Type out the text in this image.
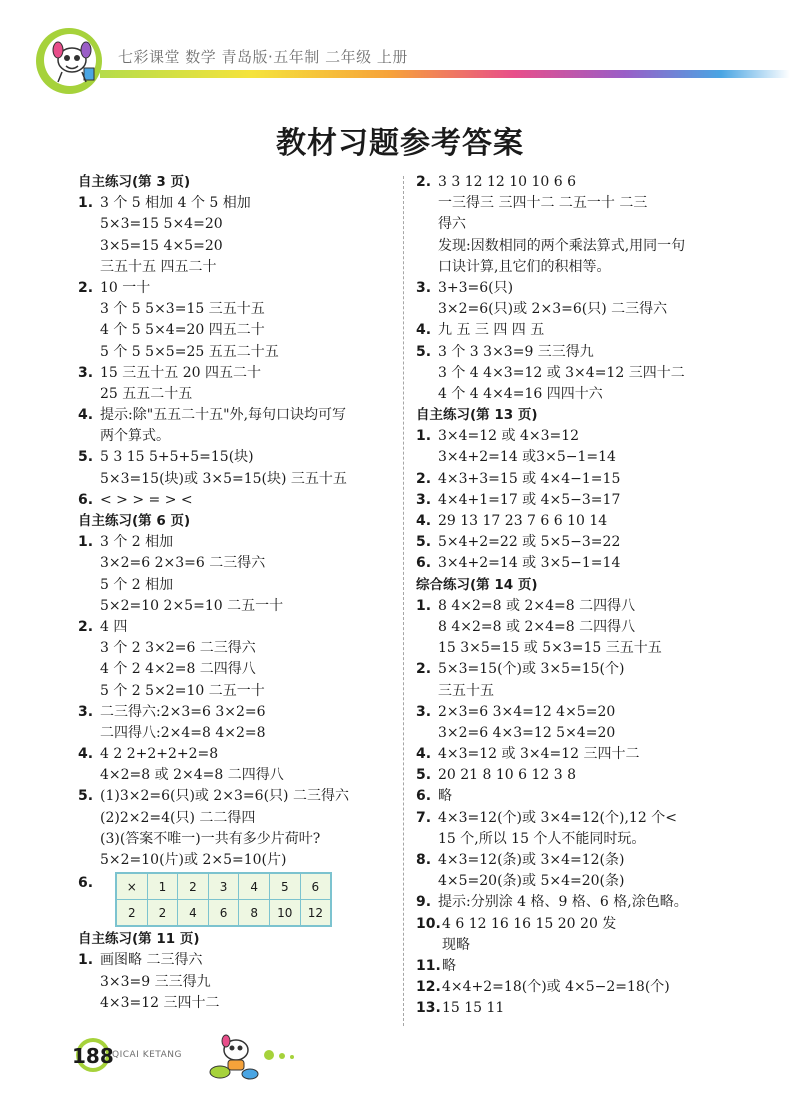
七彩课堂 数学 青岛版·五年制 二年级 上册
教材习题参考答案
自主练习(第 3 页)
1. 3 个 5 相加 4 个 5 相加
5×3=15 5×4=20
3×5=15 4×5=20
三五十五 四五二十
2. 10 一十
3 个 5 5×3=15 三五十五
4 个 5 5×4=20 四五二十
5 个 5 5×5=25 五五二十五
3. 15 三五十五 20 四五二十
25 五五二十五
4. 提示:除"五五二十五"外,每句口诀均可写
两个算式。
5. 5 3 15 5+5+5=15(块)
5×3=15(块)或 3×5=15(块) 三五十五
6. < > > = > <
自主练习(第 6 页)
1. 3 个 2 相加
3×2=6 2×3=6 二三得六
5 个 2 相加
5×2=10 2×5=10 二五一十
2. 4 四
3 个 2 3×2=6 二三得六
4 个 2 4×2=8 二四得八
5 个 2 5×2=10 二五一十
3. 二三得六:2×3=6 3×2=6
二四得八:2×4=8 4×2=8
4. 4 2 2+2+2+2=8
4×2=8 或 2×4=8 二四得八
5. (1)3×2=6(只)或 2×3=6(只) 二三得六
(2)2×2=4(只) 二二得四
(3)(答案不唯一)一共有多少片荷叶?
5×2=10(片)或 2×5=10(片)
6.	×	1	2	3	4	5	6
2	2	4	6	8	10	12
自主练习(第 11 页)
1. 画图略 二三得六
3×3=9 三三得九
4×3=12 三四十二
2. 3 3 12 12 10 10 6 6
一三得三 三四十二 二五一十 二三
得六
发现:因数相同的两个乘法算式,用同一句
口诀计算,且它们的积相等。
3. 3+3=6(只)
3×2=6(只)或 2×3=6(只) 二三得六
4. 九 五 三 四 四 五
5. 3 个 3 3×3=9 三三得九
3 个 4 4×3=12 或 3×4=12 三四十二
4 个 4 4×4=16 四四十六
自主练习(第 13 页)
1. 3×4=12 或 4×3=12
3×4+2=14 或3×5−1=14
2. 4×3+3=15 或 4×4−1=15
3. 4×4+1=17 或 4×5−3=17
4. 29 13 17 23 7 6 6 10 14
5. 5×4+2=22 或 5×5−3=22
6. 3×4+2=14 或 3×5−1=14
综合练习(第 14 页)
1. 8 4×2=8 或 2×4=8 二四得八
8 4×2=8 或 2×4=8 二四得八
15 3×5=15 或 5×3=15 三五十五
2. 5×3=15(个)或 3×5=15(个)
三五十五
3. 2×3=6 3×4=12 4×5=20
3×2=6 4×3=12 5×4=20
4. 4×3=12 或 3×4=12 三四十二
5. 20 21 8 10 6 12 3 8
6. 略
7. 4×3=12(个)或 3×4=12(个),12 个<
15 个,所以 15 个人不能同时玩。
8. 4×3=12(条)或 3×4=12(条)
4×5=20(条)或 5×4=20(条)
9. 提示:分别涂 4 格、9 格、6 格,涂色略。
10.4 6 12 16 16 15 20 20 发
现略
11.略
12.4×4+2=18(个)或 4×5−2=18(个)
13.15 15 11
188
QICAI KETANG
